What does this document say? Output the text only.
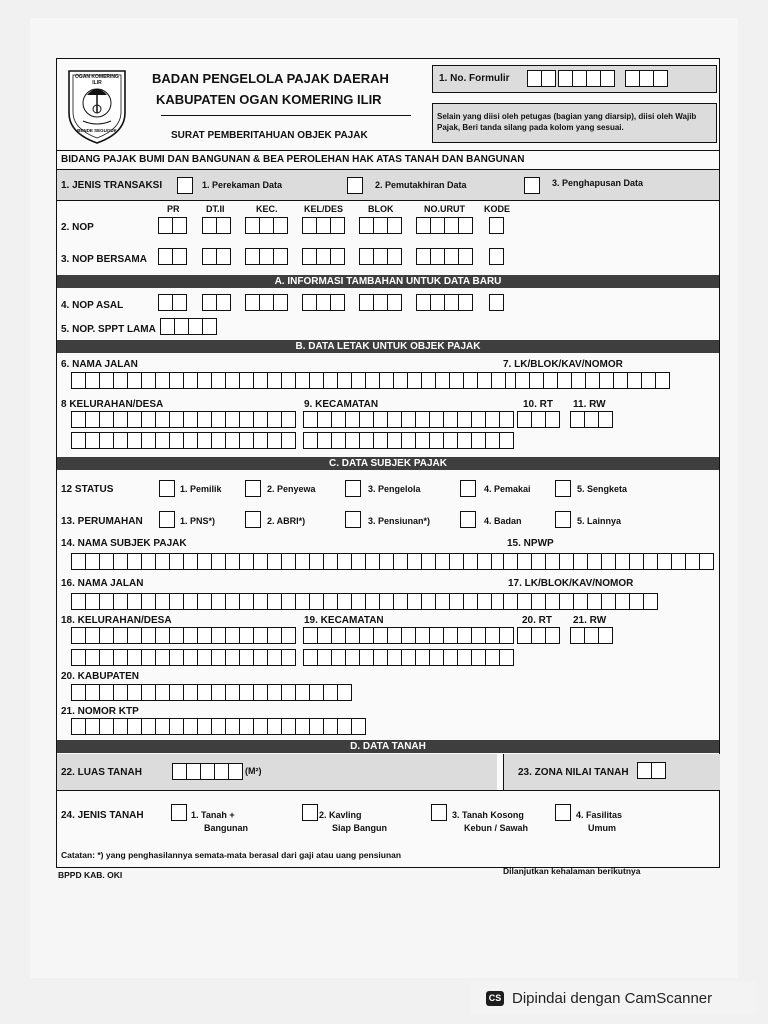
OGAN KOMERING ILIR
BENDE SEGUGUK
BADAN PENGELOLA PAJAK DAERAH
KABUPATEN OGAN KOMERING ILIR
SURAT PEMBERITAHUAN OBJEK PAJAK
1. No. Formulir
Selain yang diisi oleh petugas (bagian yang diarsip), diisi oleh Wajib Pajak, Beri tanda silang pada kolom yang sesuai.
BIDANG PAJAK BUMI DAN BANGUNAN & BEA PEROLEHAN HAK ATAS TANAH DAN BANGUNAN
1. JENIS TRANSAKSI	1. Perekaman Data	2. Pemutakhiran Data	3. Penghapusan Data
PR	DT.II	KEC.	KEL/DES	BLOK	NO.URUT KODE
2. NOP
3. NOP BERSAMA
A. INFORMASI TAMBAHAN UNTUK DATA BARU
4. NOP ASAL
5. NOP. SPPT LAMA
B. DATA LETAK UNTUK OBJEK PAJAK
6. NAMA JALAN	7. LK/BLOK/KAV/NOMOR
8 KELURAHAN/DESA	9. KECAMATAN	10. RT 11. RW
C. DATA SUBJEK PAJAK
12 STATUS	1. Pemilik	2. Penyewa	3. Pengelola	4. Pemakai	5. Sengketa
13. PERUMAHAN	1. PNS*)	2. ABRI*)	3. Pensiunan*)	4. Badan	5. Lainnya
14. NAMA SUBJEK PAJAK	15. NPWP
16. NAMA JALAN	17. LK/BLOK/KAV/NOMOR
18. KELURAHAN/DESA	19. KECAMATAN	20. RT 21. RW
20. KABUPATEN
21. NOMOR KTP
D. DATA TANAH
22. LUAS TANAH	(M²)	23. ZONA NILAI TANAH
24. JENIS TANAH	1. Tanah +
Bangunan
2. Kavling
Siap Bangun
3. Tanah Kosong
Kebun / Sawah
4. Fasilitas
Umum
Catatan: *) yang penghasilannya semata-mata berasal dari gaji atau uang pensiunan
BPPD KAB. OKI	Dilanjutkan kehalaman berikutnya
CS Dipindai dengan CamScanner
